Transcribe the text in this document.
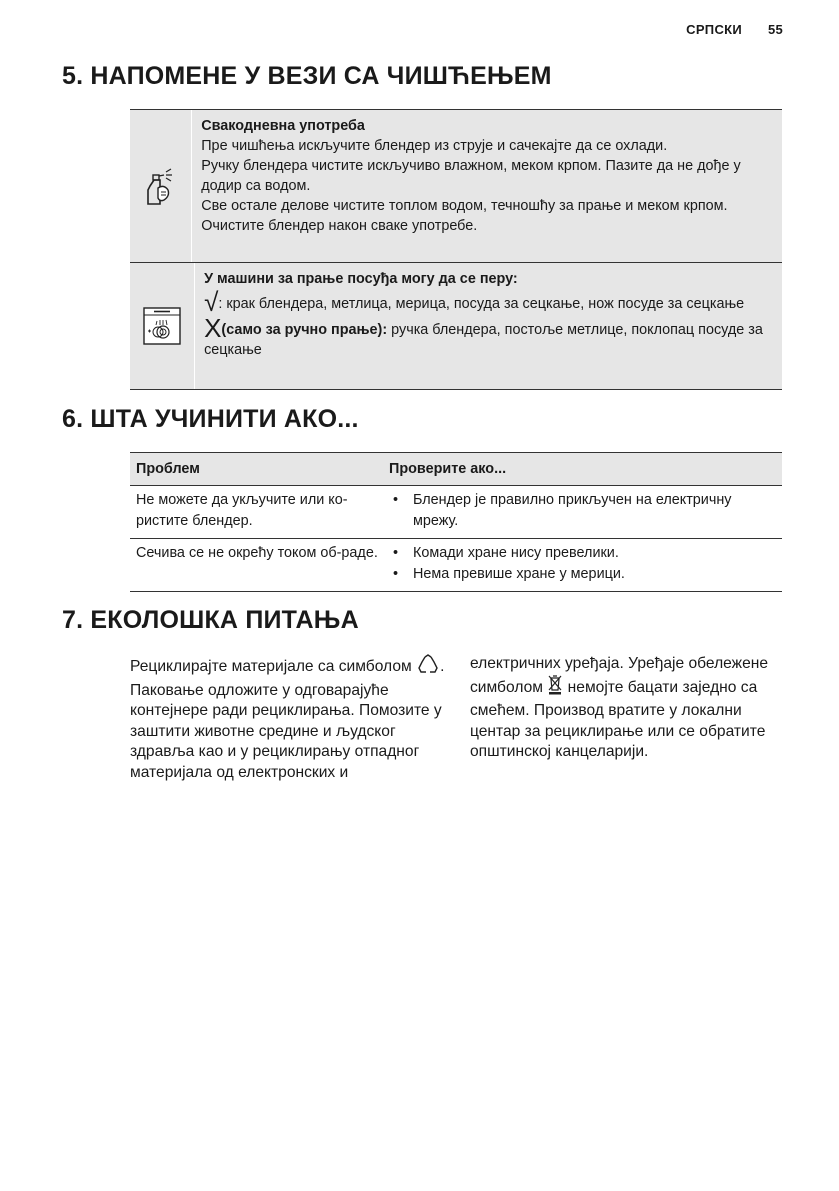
СРПСКИ 55
5. НАПОМЕНЕ У ВЕЗИ СА ЧИШЋЕЊЕМ
Свакодневна употреба
Пре чишћења искључите блендер из струје и сачекајте да се охлади.
Ручку блендера чистите искључиво влажном, меком крпом. Пазите да не дође у додир са водом.
Све остале делове чистите топлом водом, течношћу за прање и меком крпом.
Очистите блендер након сваке употребе.
У машини за прање посуђа могу да се перу:

√: крак блендера, метлица, мерица, посуда за сецкање, нож посуде за сецкање
X(само за ручно прање): ручка блендера, постоље метлице, поклопац посуде за сецкање
6. ШТА УЧИНИТИ АКО...
Проблем	Проверите ако...
Не можете да укључите или ко-ристите блендер.
• Блендер је правилно прикључен на електричну мрежу.
Сечива се не окрећу током об-раде.
•	Комади хране нису превелики.
• Нема превише хране у мерици.
7. ЕКОЛОШКА ПИТАЊА
Рециклирајте материјале са симболом . Паковање одложите у одговарајуће контејнере ради рециклирања. Помозите у заштити животне средине и људског здравља као и у рециклирању отпадног материјала од електронских и
електричних уређаја. Уређаје обележене симболом  немојте бацати заједно са смећем. Производ вратите у локални центар за рециклирање или се обратите општинској канцеларији.
